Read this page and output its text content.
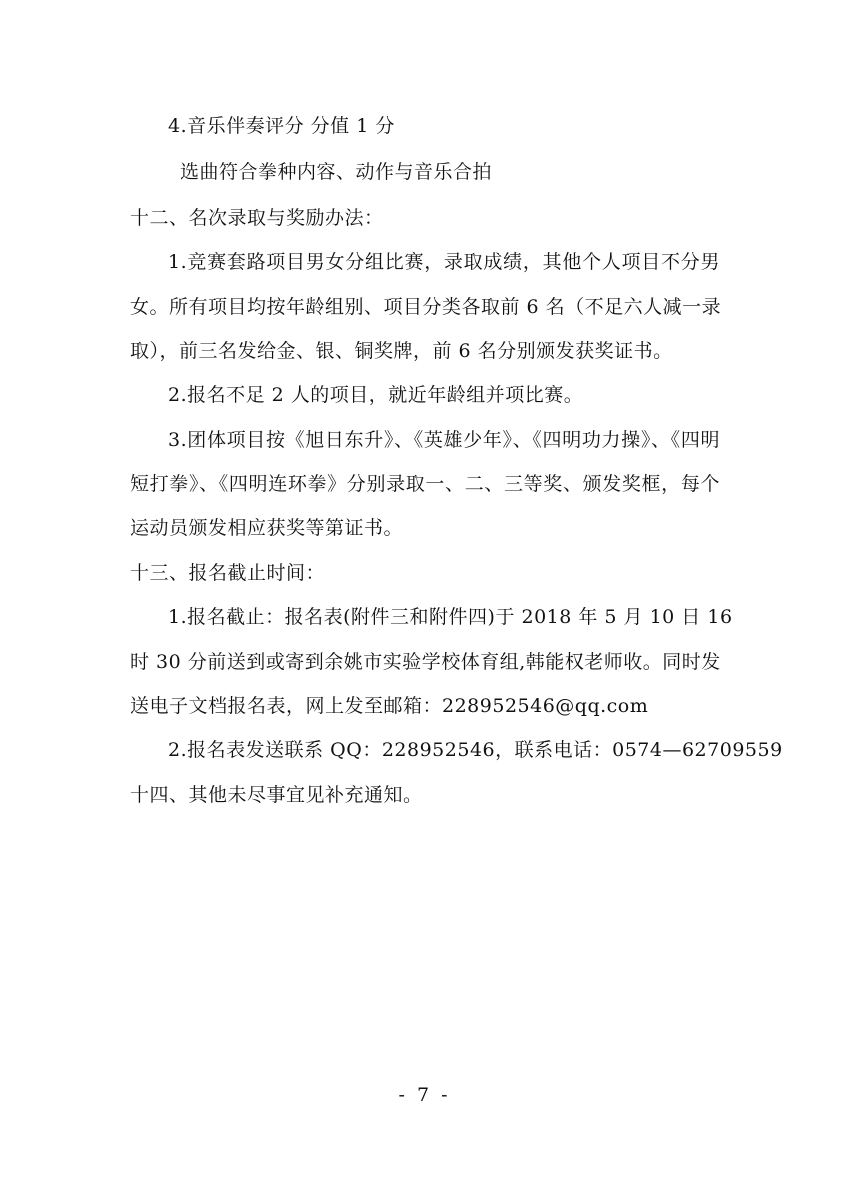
4.音乐伴奏评分 分值 1 分
选曲符合拳种内容、动作与音乐合拍
十二、名次录取与奖励办法：
1.竞赛套路项目男女分组比赛，录取成绩，其他个人项目不分男
女。所有项目均按年龄组别、项目分类各取前 6 名（不足六人减一录
取），前三名发给金、银、铜奖牌，前 6 名分别颁发获奖证书。
2.报名不足 2 人的项目，就近年龄组并项比赛。
3.团体项目按《旭日东升》、《英雄少年》、《四明功力操》、《四明
短打拳》、《四明连环拳》分别录取一、二、三等奖、颁发奖框，每个
运动员颁发相应获奖等第证书。
十三、报名截止时间：
1.报名截止：报名表(附件三和附件四)于 2018 年 5 月 10 日 16
时 30 分前送到或寄到余姚市实验学校体育组,韩能权老师收。同时发
送电子文档报名表，网上发至邮箱：228952546@qq.com
2.报名表发送联系 QQ：228952546，联系电话：0574—62709559
十四、其他未尽事宜见补充通知。
- 7 -
